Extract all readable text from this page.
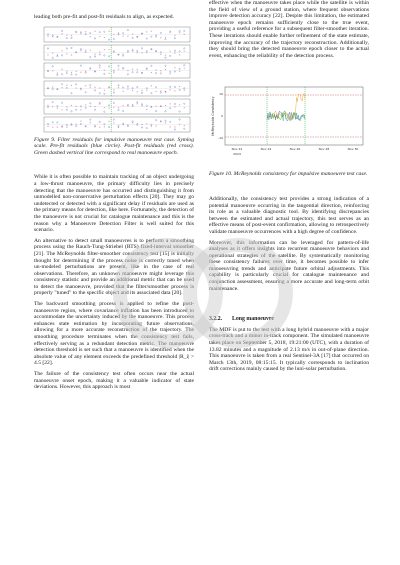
leading both pre-fit and post-fit residuals to align, as expected.

Figure 9. Filter residuals for impulsive manoeuvre test case. Symlog scale. Pre-fit residuals (blue circle). Post-fit residuals (red cross). Green dashed vertical line correspond to real manoeuvre epoch.

While it is often possible to maintain tracking of an object undergoing a low-thrust manoeuvre, the primary difficulty lies in precisely detecting that the manoeuvre has occurred and distinguishing it from unmodelled non-conservative perturbation effects [20]. They may go undetected or detected with a significant delay if residuals are used as the primary means for detection, like here. Fortunately, the detection of the manoeuvre is not crucial for catalogue maintenance and this is the reason why a Manoeuvre Detection Filter is well suited for this scenario.

An alternative to detect small manoeuvres is to perform a smoothing process using the Rauch-Tung-Striebel (RTS) fixed-interval smoother [21]. The McReynolds filter-smoother consistency test [15] is initially thought for determining if the process noise is correctly tuned when un-modeled perturbations are present, like in the case of real observations. Therefore, an unknown manoeuvre might leverage this consistency statistic and provide an additional metric that can be used to detect the manoeuvre, provided that the filter/smoother process is properly "tuned" to the specific object and its associated data [20].

The backward smoothing process is applied to refine the post-manoeuvre region, where covariance inflation has been introduced to accommodate the uncertainty induced by the manoeuvre. This process enhances state estimation by incorporating future observations, allowing for a more accurate reconstruction of the trajectory. The smoothing procedure terminates when the consistency test fails, effectively serving as a redundant detection metric. The manoeuvre detection threshold is set such that a manoeuvre is identified when the absolute value of any element exceeds the predefined threshold |R_i| > 4.5 [22].

The failure of the consistency test often occurs near the actual manoeuvre onset epoch, making it a valuable indicator of state deviations. However, this approach is most

effective when the manoeuvre takes place while the satellite is within the field of view of a ground station, where frequent observations improve detection accuracy [22]. Despite this limitation, the estimated manoeuvre epoch remains sufficiently close to the true event, providing a useful reference for a subsequent filter-smoother iteration. These iterations should enable further refinement of the state estimate, improving the accuracy of the trajectory reconstruction. Additionally, they should bring the detected manoeuvre epoch closer to the actual event, enhancing the reliability of the detection process.

McReynolds Consistency
10
0
-10
Nov 22	Nov 24	Nov 26	Nov 28	Nov 30
2024

Figure 10. McReynolds consistency for impulsive manoeuvre test case.

Additionally, the consistency test provides a strong indication of a potential manoeuvre occurring in the tangential direction, reinforcing its role as a valuable diagnostic tool. By identifying discrepancies between the estimated and actual trajectory, this test serves as an effective means of post-event confirmation, allowing to retrospectively validate manoeuvre occurrences with a high degree of confidence.

Moreover, this information can be leveraged for pattern-of-life analyses as it offers insights into recurrent manoeuvre behaviors and operational strategies of the satellite. By systematically monitoring these consistency failures over time, it becomes possible to infer manoeuvring trends and anticipate future orbital adjustments. This capability is particularly crucial for catalogue maintenance and conjunction assessment, ensuring a more accurate and long-term orbit maintenance.

3.2.2. Long manoeuvre

The MDF is put to the test with a long hybrid manoeuvre with a major cross-track and a minor in-track component. The simulated manoeuvre takes place on September 5, 2018, 19:21:00 (UTC), with a duration of 13.82 minutes and a magnitude of 2.13 m/s in out-of-plane direction. This manoeuvre is taken from a real Sentinel-3A [17] that occurred on March 13th, 2019, 08:15:15. It typically corresponds to inclination drift corrections mainly caused by the luni-solar perturbation.
